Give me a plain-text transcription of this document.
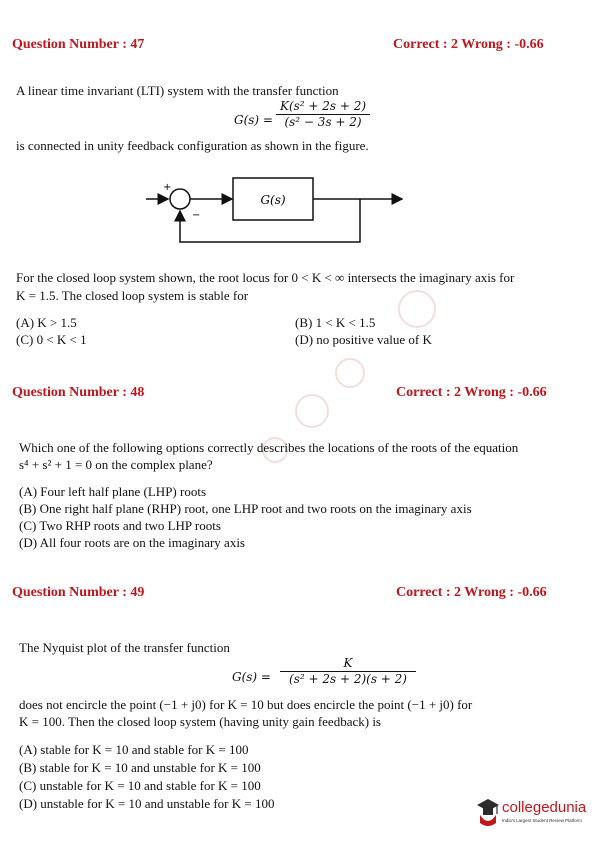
Question Number : 47	Correct : 2 Wrong : -0.66
A linear time invariant (LTI) system with the transfer function
$G(s) = \frac{\text{K(s² + 2s + 2)}}{\text{(s² − 3s + 2)}}$
is connected in unity feedback configuration as shown in the figure.
+
−
G(s)
For the closed loop system shown, the root locus for 0 < K < ∞ intersects the imaginary axis for
K = 1.5. The closed loop system is stable for
(A) K > 1.5	(B) 1 < K < 1.5
(C) 0 < K < 1	(D) no positive value of K
Question Number : 48	Correct : 2 Wrong : -0.66
Which one of the following options correctly describes the locations of the roots of the equation
s⁴ + s² + 1 = 0 on the complex plane?
(A) Four left half plane (LHP) roots
(B) One right half plane (RHP) root, one LHP root and two roots on the imaginary axis
(C) Two RHP roots and two LHP roots
(D) All four roots are on the imaginary axis
Question Number : 49	Correct : 2 Wrong : -0.66
The Nyquist plot of the transfer function
$G(s) = \frac{K}{\text{(s² + 2s + 2)(s + 2)}}$
does not encircle the point (−1 + j0) for K = 10 but does encircle the point (−1 + j0) for
K = 100. Then the closed loop system (having unity gain feedback) is
(A) stable for K = 10 and stable for K = 100
(B) stable for K = 10 and unstable for K = 100
(C) unstable for K = 10 and stable for K = 100
(D) unstable for K = 10 and unstable for K = 100	collegedunia
India's Largest Student Review Platform
